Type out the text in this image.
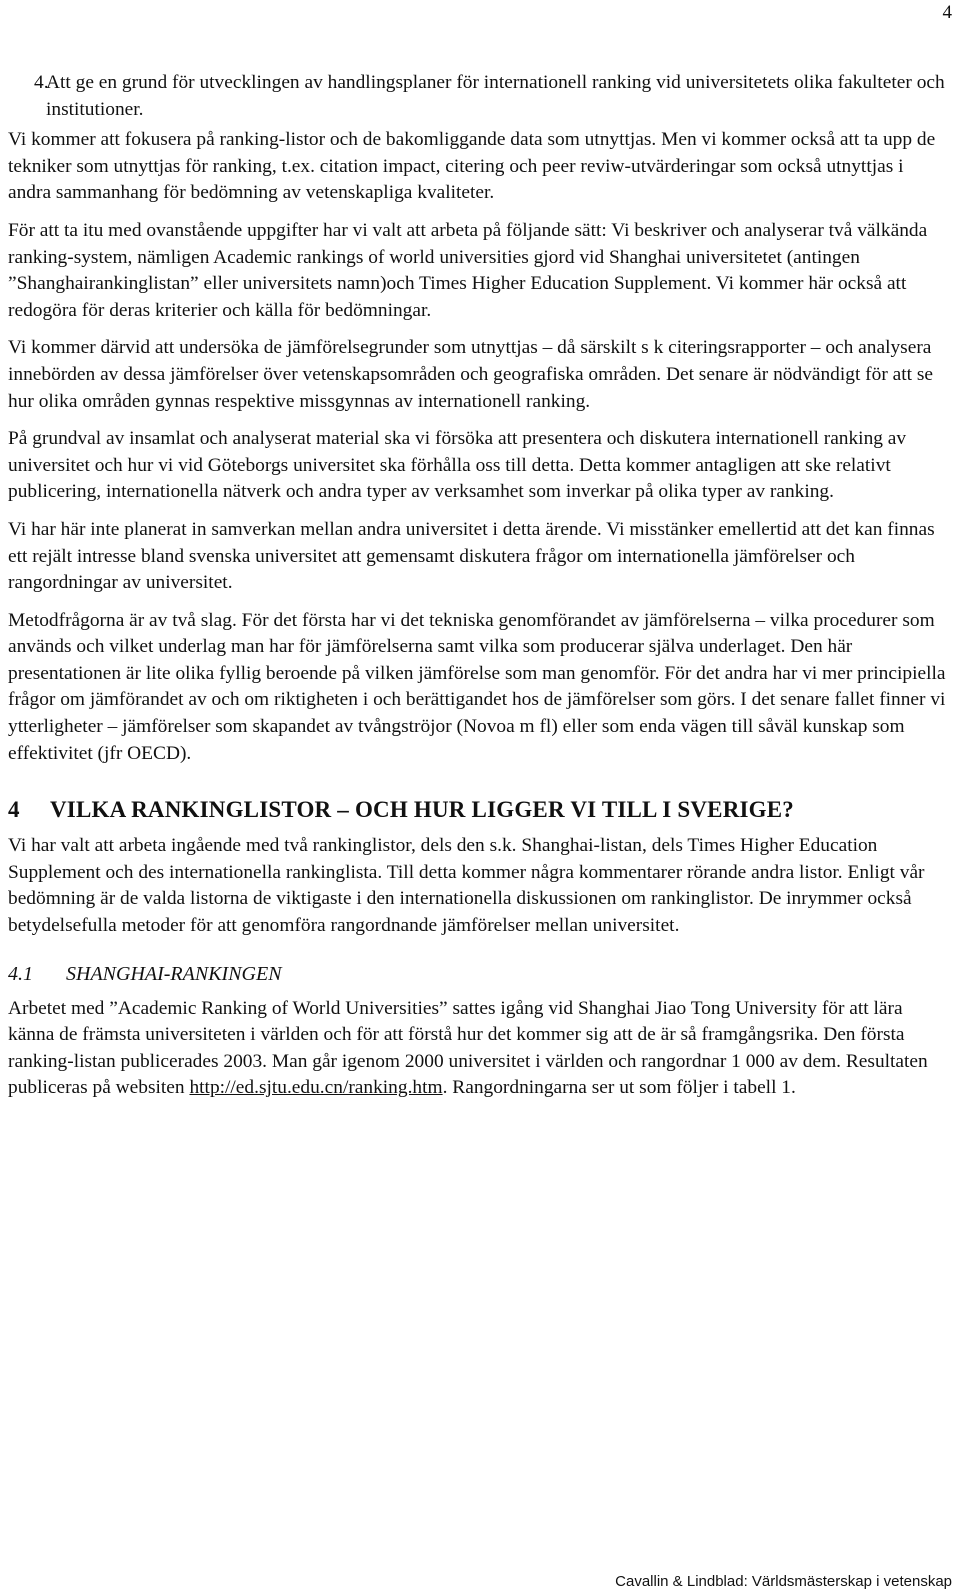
4
4.
Att ge en grund för utvecklingen av handlingsplaner för internationell ranking vid universitetets olika fakulteter och institutioner.

Vi kommer att fokusera på ranking-listor och de bakomliggande data som utnyttjas. Men vi kommer också att ta upp de tekniker som utnyttjas för ranking, t.ex. citation impact, citering och peer reviw-utvärderingar som också utnyttjas i andra sammanhang för bedömning av vetenskapliga kvaliteter.

För att ta itu med ovanstående uppgifter har vi valt att arbeta på följande sätt: Vi beskriver och analyserar två välkända ranking-system, nämligen Academic rankings of world universities gjord vid Shanghai universitetet (antingen ”Shanghairankinglistan” eller universitets namn)och Times Higher Education Supplement. Vi kommer här också att redogöra för deras kriterier och källa för bedömningar.

Vi kommer därvid att undersöka de jämförelsegrunder som utnyttjas – då särskilt s k citeringsrapporter – och analysera innebörden av dessa jämförelser över vetenskapsområden och geografiska områden. Det senare är nödvändigt för att se hur olika områden gynnas respektive missgynnas av internationell ranking.

På grundval av insamlat och analyserat material ska vi försöka att presentera och diskutera internationell ranking av universitet och hur vi vid Göteborgs universitet ska förhålla oss till detta. Detta kommer antagligen att ske relativt publicering, internationella nätverk och andra typer av verksamhet som inverkar på olika typer av ranking.

Vi har här inte planerat in samverkan mellan andra universitet i detta ärende. Vi misstänker emellertid att det kan finnas ett rejält intresse bland svenska universitet att gemensamt diskutera frågor om internationella jämförelser och rangordningar av universitet.

Metodfrågorna är av två slag. För det första har vi det tekniska genomförandet av jämförelserna – vilka procedurer som används och vilket underlag man har för jämförelserna samt vilka som producerar själva underlaget. Den här presentationen är lite olika fyllig beroende på vilken jämförelse som man genomför. För det andra har vi mer principiella frågor om jämförandet av och om riktigheten i och berättigandet hos de jämförelser som görs. I det senare fallet finner vi ytterligheter – jämförelser som skapandet av tvångströjor (Novoa m fl) eller som enda vägen till såväl kunskap som effektivitet (jfr OECD).

4 VILKA RANKINGLISTOR – OCH HUR LIGGER VI TILL I SVERIGE?

Vi har valt att arbeta ingående med två rankinglistor, dels den s.k. Shanghai-listan, dels Times Higher Education Supplement och des internationella rankinglista. Till detta kommer några kommentarer rörande andra listor. Enligt vår bedömning är de valda listorna de viktigaste i den internationella diskussionen om rankinglistor. De inrymmer också betydelsefulla metoder för att genomföra rangordnande jämförelser mellan universitet.

4.1 SHANGHAI-RANKINGEN

Arbetet med ”Academic Ranking of World Universities” sattes igång vid Shanghai Jiao Tong University för att lära känna de främsta universiteten i världen och för att förstå hur det kommer sig att de är så framgångsrika. Den första ranking-listan publicerades 2003. Man går igenom 2000 universitet i världen och rangordnar 1 000 av dem. Resultaten publiceras på websiten http://ed.sjtu.edu.cn/ranking.htm. Rangordningarna ser ut som följer i tabell 1.

Cavallin & Lindblad: Världsmästerskap i vetenskap
